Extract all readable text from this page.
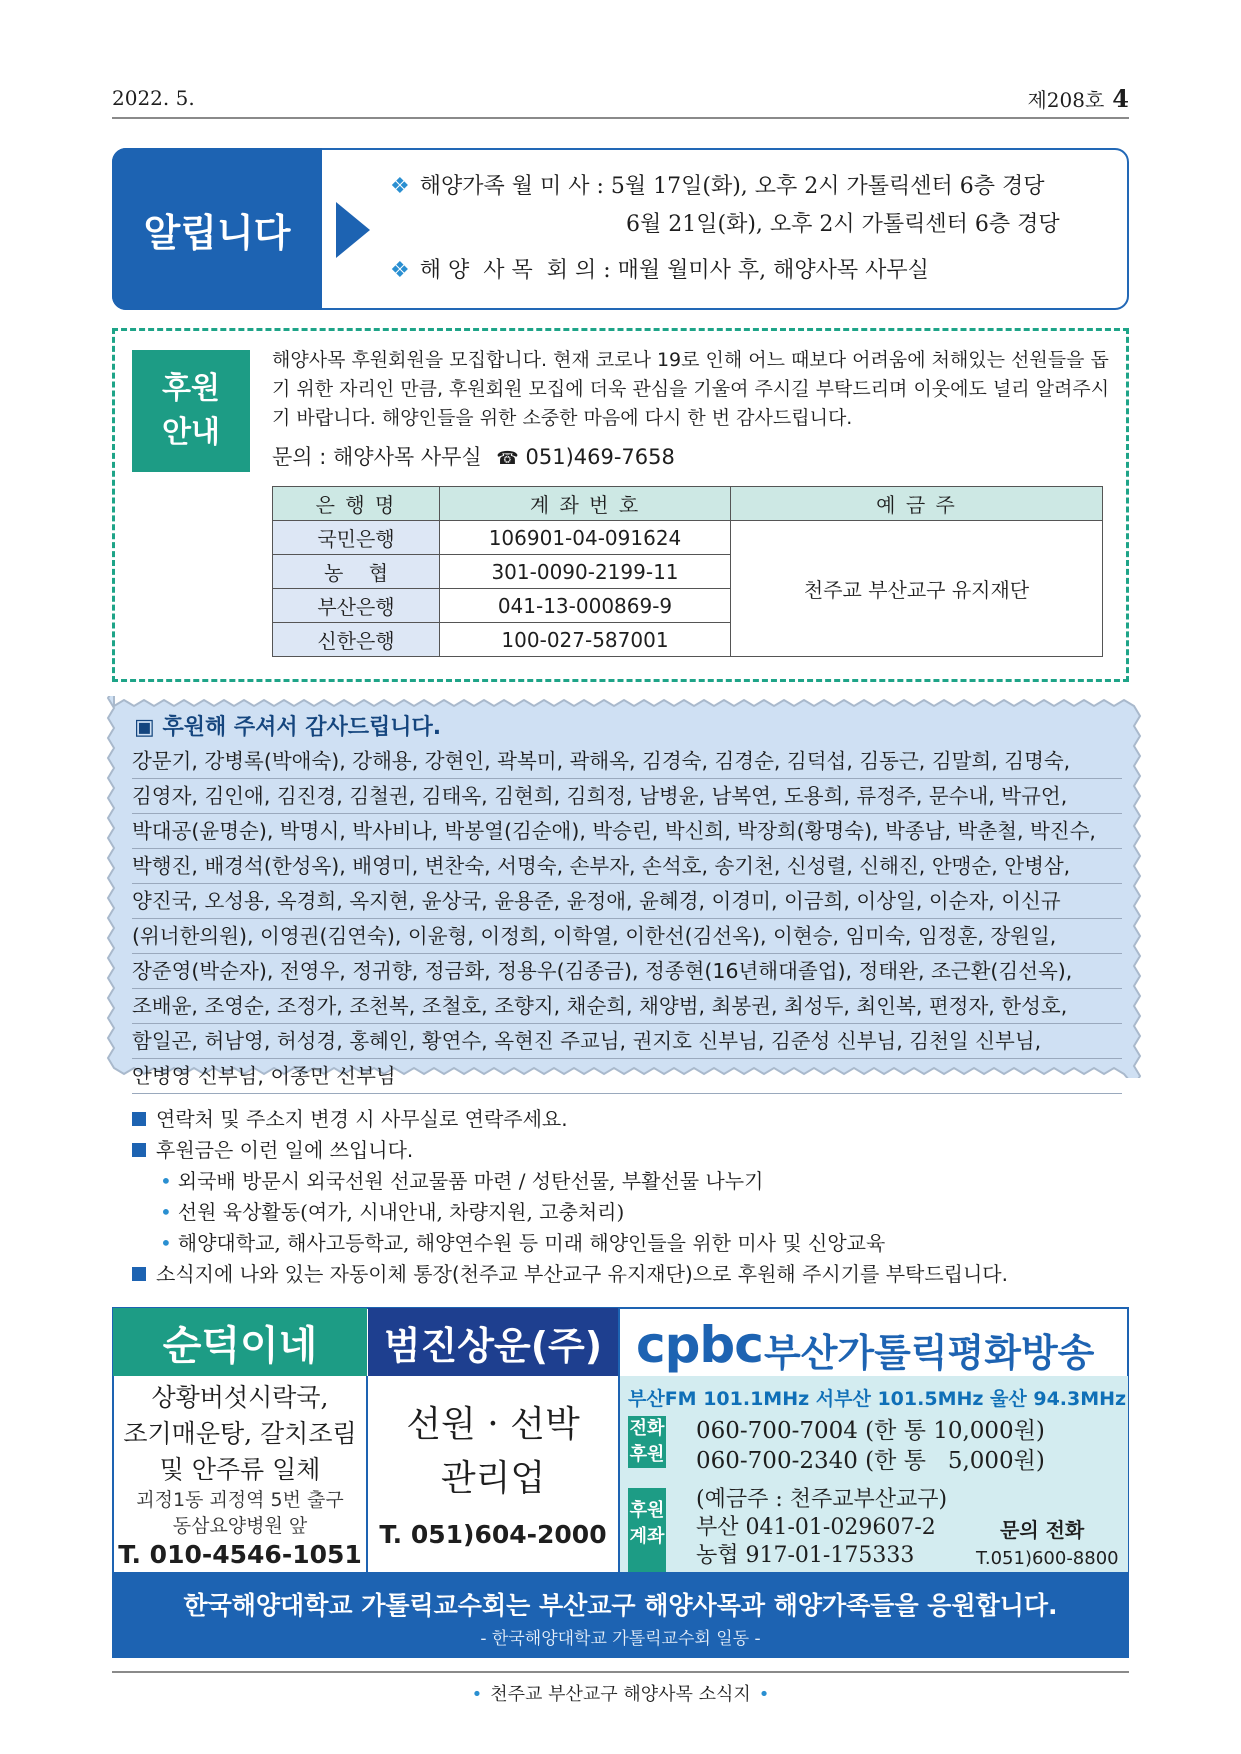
2022. 5.	제208호 4
알립니다
❖ 해양가족 월 미 사 : 5월 17일(화), 오후 2시 가톨릭센터 6층 경당
6월 21일(화), 오후 2시 가톨릭센터 6층 경당
❖ 해 양  사 목  회 의 : 매월 월미사 후, 해양사목 사무실
후원
안내
해양사목 후원회원을 모집합니다. 현재 코로나 19로 인해 어느 때보다 어려움에 처해있는 선원들을 돕기 위한 자리인 만큼, 후원회원 모집에 더욱 관심을 기울여 주시길 부탁드리며 이웃에도 널리 알려주시기 바랍니다. 해양인들을 위한 소중한 마음에 다시 한 번 감사드립니다.
문의 : 해양사목 사무실 ☎ 051)469-7658
은 행 명	계 좌 번 호	예 금 주
국민은행	106901-04-091624	천주교 부산교구 유지재단
농    협	301-0090-2199-11	
부산은행	041-13-000869-9	
신한은행	100-027-587001	
▣ 후원해 주셔서 감사드립니다.
강문기, 강병록(박애숙), 강해용, 강현인, 곽복미, 곽해옥, 김경숙, 김경순, 김덕섭, 김동근, 김말희, 김명숙,
김영자, 김인애, 김진경, 김철권, 김태옥, 김현희, 김희정, 남병윤, 남복연, 도용희, 류정주, 문수내, 박규언,
박대공(윤명순), 박명시, 박사비나, 박봉열(김순애), 박승린, 박신희, 박장희(황명숙), 박종남, 박춘철, 박진수,
박행진, 배경석(한성옥), 배영미, 변찬숙, 서명숙, 손부자, 손석호, 송기천, 신성렬, 신해진, 안맹순, 안병삼,
양진국, 오성용, 옥경희, 옥지현, 윤상국, 윤용준, 윤정애, 윤혜경, 이경미, 이금희, 이상일, 이순자, 이신규
(위너한의원), 이영권(김연숙), 이윤형, 이정희, 이학열, 이한선(김선옥), 이현승, 임미숙, 임정훈, 장원일,
장준영(박순자), 전영우, 정귀향, 정금화, 정용우(김종금), 정종현(16년해대졸업), 정태완, 조근환(김선옥),
조배윤, 조영순, 조정가, 조천복, 조철호, 조향지, 채순희, 채양범, 최봉권, 최성두, 최인복, 편정자, 한성호,
함일곤, 허남영, 허성경, 홍혜인, 황연수, 옥현진 주교님, 권지호 신부님, 김준성 신부님, 김천일 신부님,
안병영 신부님, 이종민 신부님
연락처 및 주소지 변경 시 사무실로 연락주세요.
후원금은 이런 일에 쓰입니다.
• 외국배 방문시 외국선원 선교물품 마련 / 성탄선물, 부활선물 나누기
• 선원 육상활동(여가, 시내안내, 차량지원, 고충처리)
• 해양대학교, 해사고등학교, 해양연수원 등 미래 해양인들을 위한 미사 및 신앙교육
소식지에 나와 있는 자동이체 통장(천주교 부산교구 유지재단)으로 후원해 주시기를 부탁드립니다.
순덕이네
상황버섯시락국,
조기매운탕, 갈치조림
및 안주류 일체
괴정1동 괴정역 5번 출구
동삼요양병원 앞
T. 010-4546-1051
범진상운(주)
선원 · 선박
관리업
T. 051)604-2000
cpbc 부산가톨릭평화방송
부산FM 101.1MHz 서부산 101.5MHz 울산 94.3MHz
전화후원
060-700-7004 (한 통 10,000원)
060-700-2340 (한 통   5,000원)
후원계좌
(예금주 : 천주교부산교구)
부산 041-01-029607-2
농협 917-01-175333
문의 전화
T.051)600-8800
한국해양대학교 가톨릭교수회는 부산교구 해양사목과 해양가족들을 응원합니다.
- 한국해양대학교 가톨릭교수회 일동 -
• 천주교 부산교구 해양사목 소식지 •
